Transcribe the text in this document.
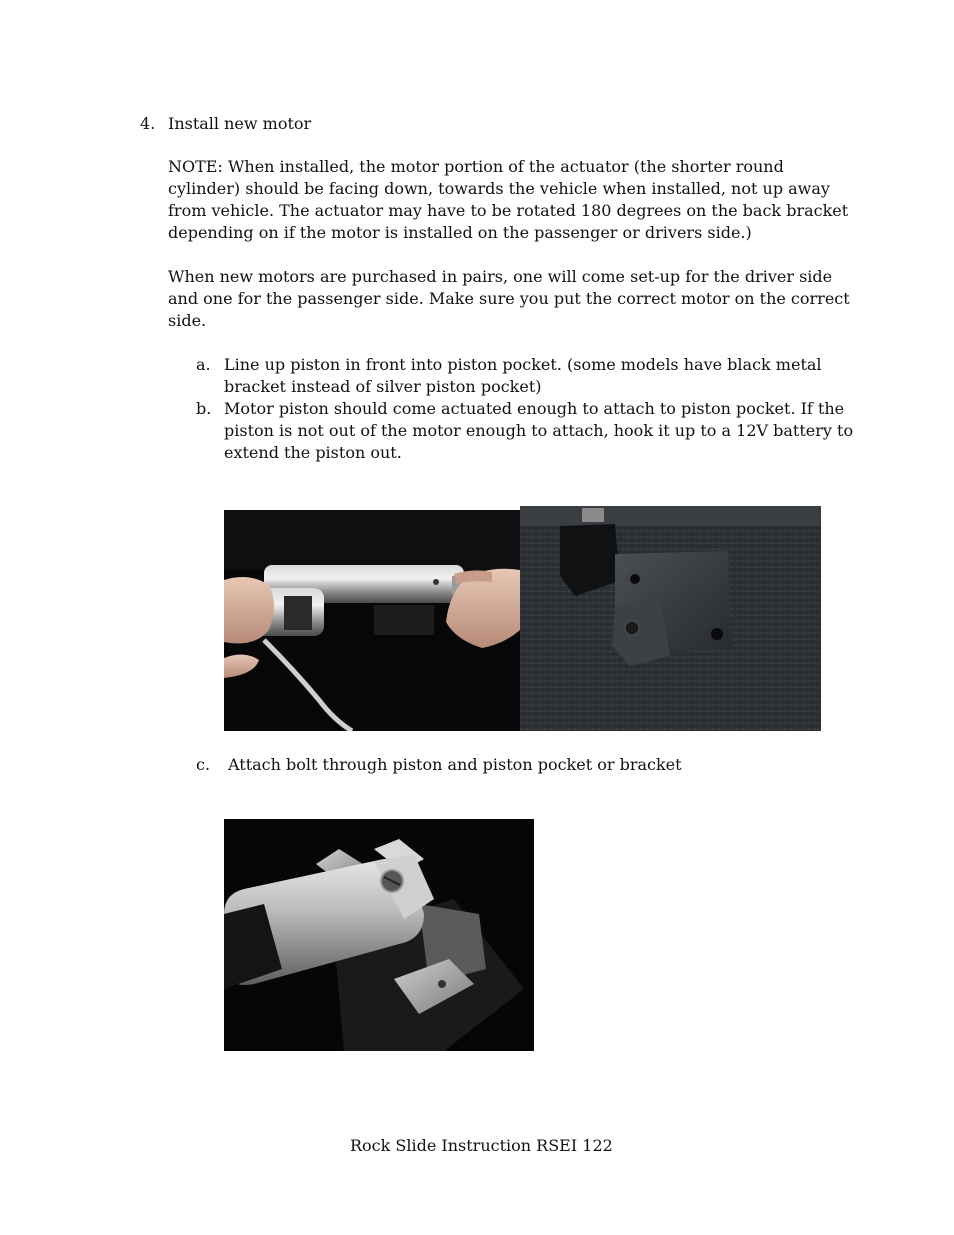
4. Install new motor
NOTE: When installed, the motor portion of the actuator (the shorter round
cylinder) should be facing down, towards the vehicle when installed, not up away
from vehicle. The actuator may have to be rotated 180 degrees on the back bracket
depending on if the motor is installed on the passenger or drivers side.)
When new motors are purchased in pairs, one will come set-up for the driver side
and one for the passenger side. Make sure you put the correct motor on the correct
side.
a. Line up piston in front into piston pocket. (some models have black metal
bracket instead of silver piston pocket)
b. Motor piston should come actuated enough to attach to piston pocket. If the
piston is not out of the motor enough to attach, hook it up to a 12V battery to
extend the piston out.
c. Attach bolt through piston and piston pocket or bracket
Rock Slide Instruction RSEI 122
